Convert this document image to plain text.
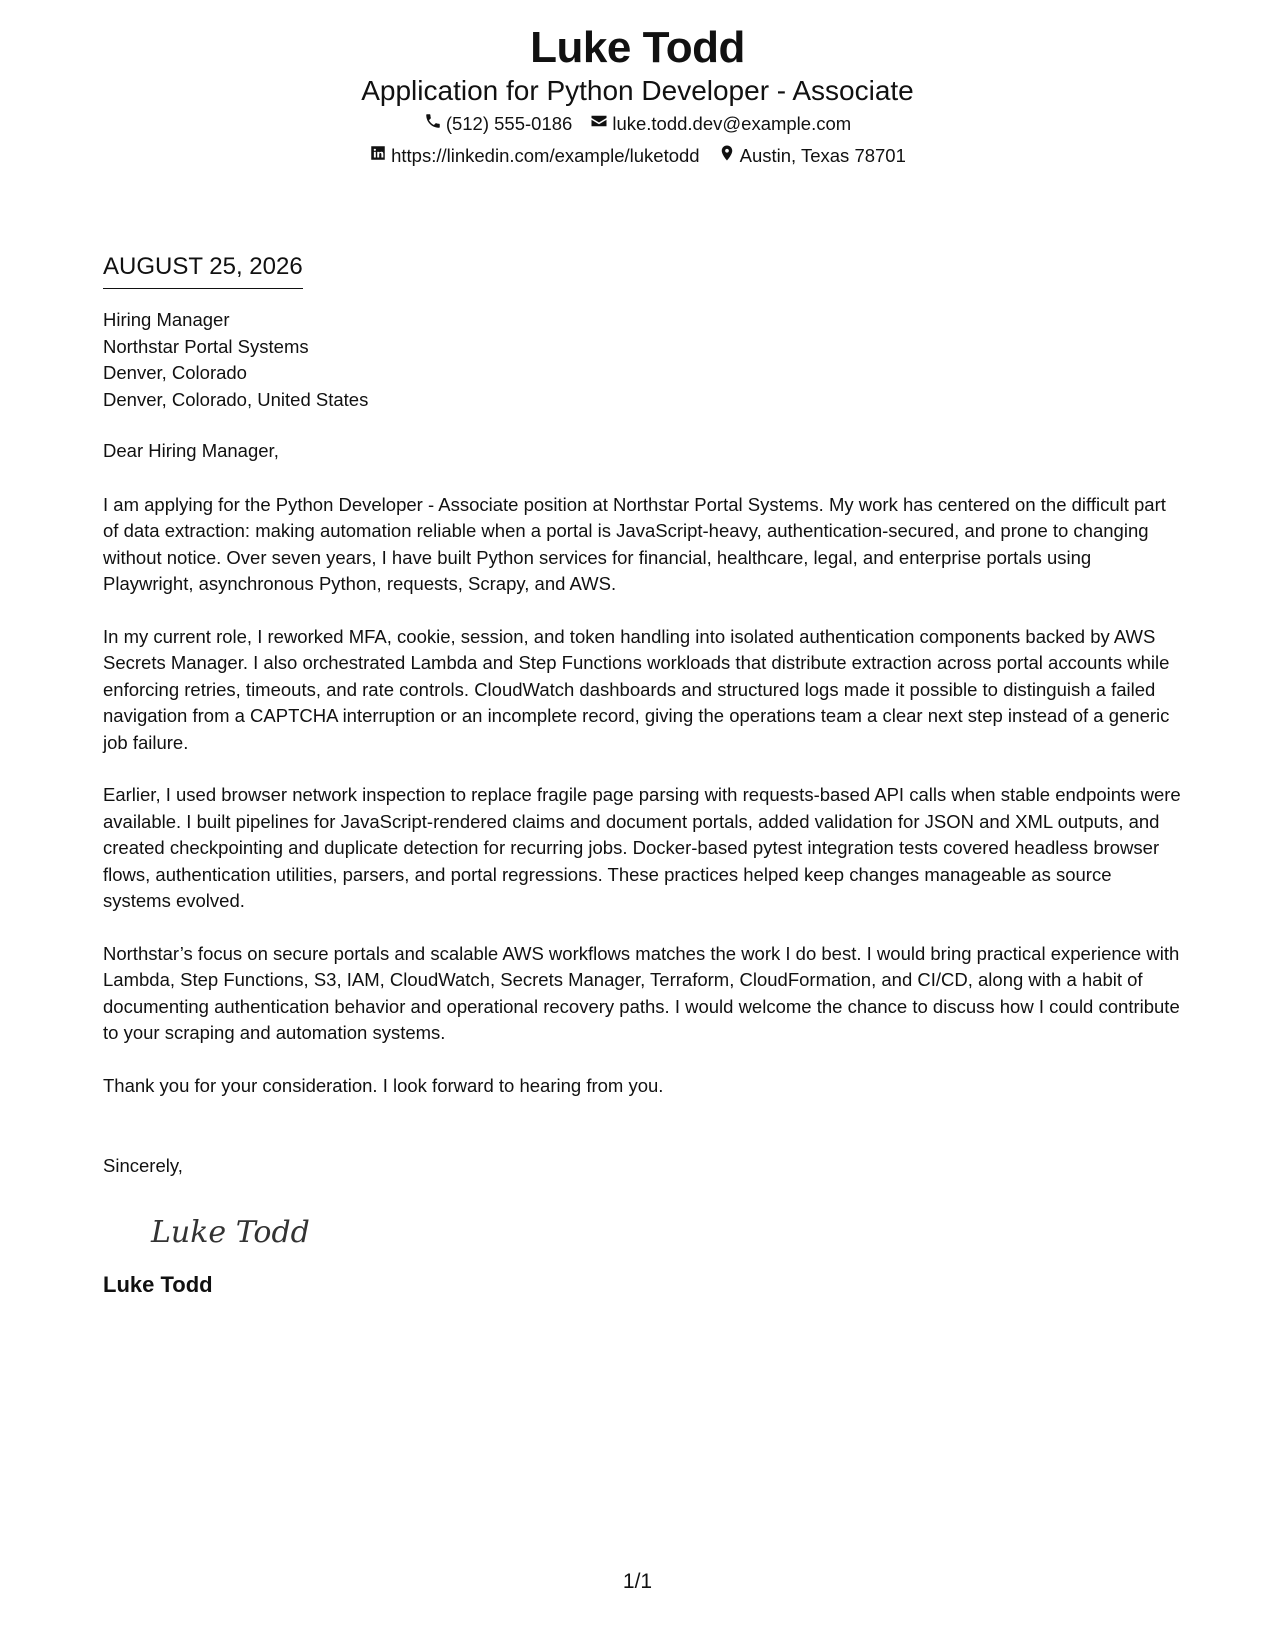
Luke Todd

Application for Python Developer - Associate

(512) 555-0186 luke.todd.dev@example.com
https://linkedin.com/example/luketodd Austin, Texas 78701

AUGUST 25, 2026

Hiring Manager
Northstar Portal Systems
Denver, Colorado
Denver, Colorado, United States

Dear Hiring Manager,

I am applying for the Python Developer - Associate position at Northstar Portal Systems. My work has centered on the difficult part of data extraction: making automation reliable when a portal is JavaScript-heavy, authentication-secured, and prone to changing without notice. Over seven years, I have built Python services for financial, healthcare, legal, and enterprise portals using Playwright, asynchronous Python, requests, Scrapy, and AWS.

In my current role, I reworked MFA, cookie, session, and token handling into isolated authentication components backed by AWS Secrets Manager. I also orchestrated Lambda and Step Functions workloads that distribute extraction across portal accounts while enforcing retries, timeouts, and rate controls. CloudWatch dashboards and structured logs made it possible to distinguish a failed navigation from a CAPTCHA interruption or an incomplete record, giving the operations team a clear next step instead of a generic job failure.

Earlier, I used browser network inspection to replace fragile page parsing with requests-based API calls when stable endpoints were available. I built pipelines for JavaScript-rendered claims and document portals, added validation for JSON and XML outputs, and created checkpointing and duplicate detection for recurring jobs. Docker-based pytest integration tests covered headless browser flows, authentication utilities, parsers, and portal regressions. These practices helped keep changes manageable as source systems evolved.

Northstar’s focus on secure portals and scalable AWS workflows matches the work I do best. I would bring practical experience with Lambda, Step Functions, S3, IAM, CloudWatch, Secrets Manager, Terraform, CloudFormation, and CI/CD, along with a habit of documenting authentication behavior and operational recovery paths. I would welcome the chance to discuss how I could contribute to your scraping and automation systems.

Thank you for your consideration. I look forward to hearing from you.

Sincerely,

Luke Todd
Luke Todd
1/1
